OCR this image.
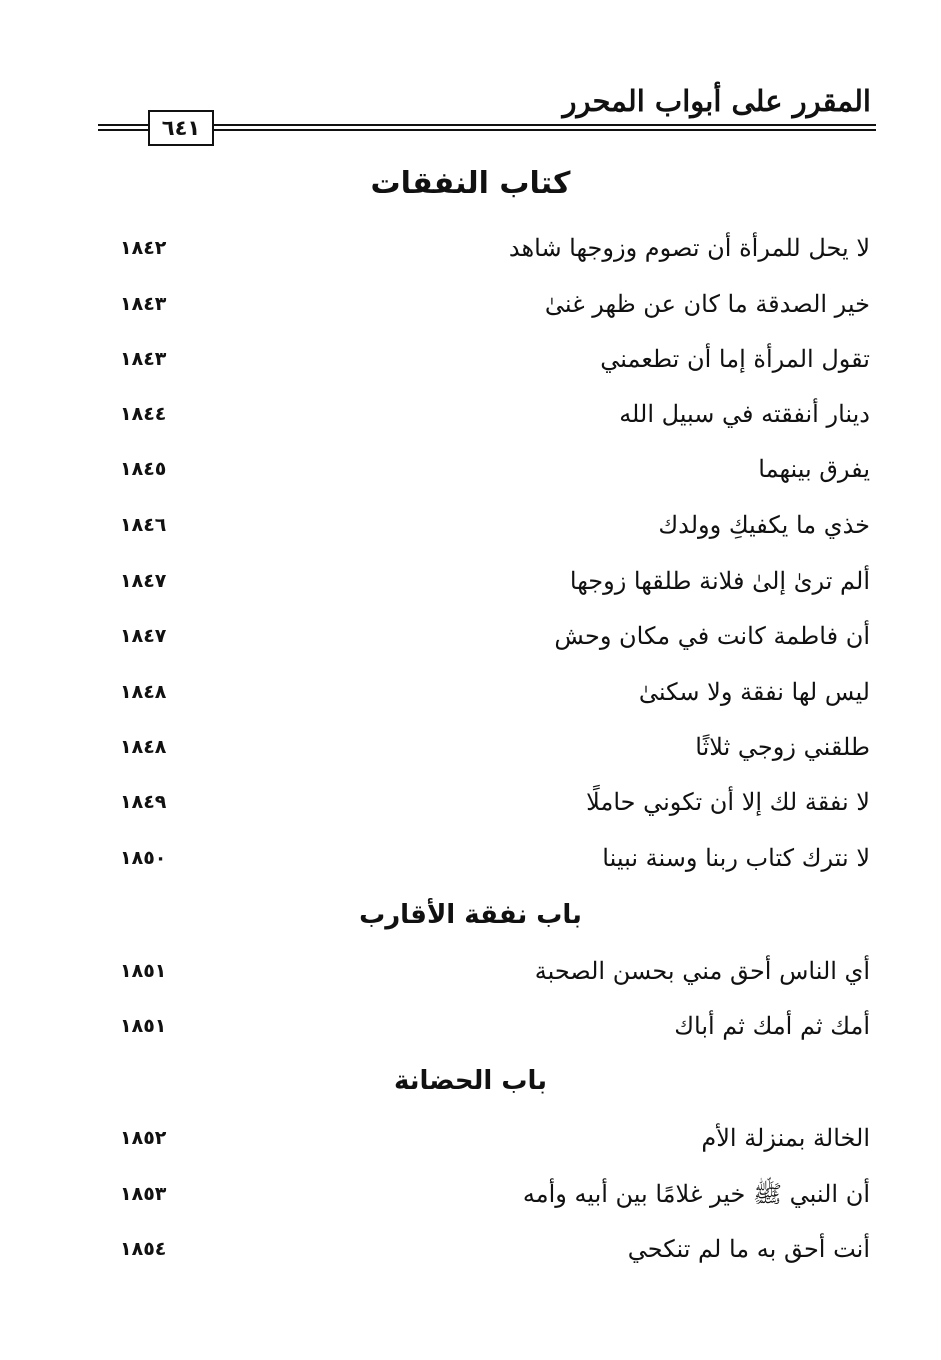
المقرر على أبواب المحرر
٦٤١
كتاب النفقات
لا يحل للمرأة أن تصوم وزوجها شاهد
١٨٤٢
خير الصدقة ما كان عن ظهر غنىٰ
١٨٤٣
تقول المرأة إما أن تطعمني
١٨٤٣
دينار أنفقته في سبيل الله
١٨٤٤
يفرق بينهما
١٨٤٥
خذي ما يكفيكِ وولدك
١٨٤٦
ألم ترىٰ إلىٰ فلانة طلقها زوجها
١٨٤٧
أن فاطمة كانت في مكان وحش
١٨٤٧
ليس لها نفقة ولا سكنىٰ
١٨٤٨
طلقني زوجي ثلاثًا
١٨٤٨
لا نفقة لك إلا أن تكوني حاملًا
١٨٤٩
لا نترك كتاب ربنا وسنة نبينا
١٨٥٠
باب نفقة الأقارب
أي الناس أحق مني بحسن الصحبة
١٨٥١
أمك ثم أمك ثم أباك
١٨٥١
باب الحضانة
الخالة بمنزلة الأم
١٨٥٢
أن النبي ﷺ خير غلامًا بين أبيه وأمه
١٨٥٣
أنت أحق به ما لم تنكحي
١٨٥٤
